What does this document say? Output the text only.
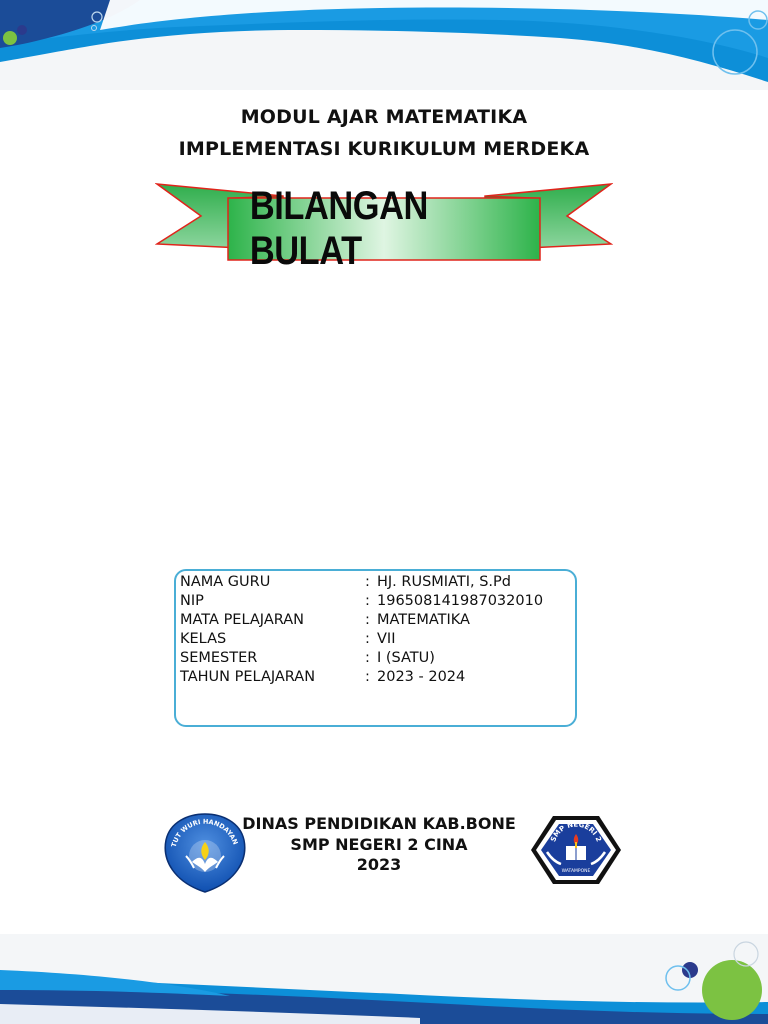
MODUL AJAR MATEMATIKA
IMPLEMENTASI KURIKULUM MERDEKA
BILANGAN BULAT
NAMA GURU	: HJ. RUSMIATI, S.Pd
NIP	: 196508141987032010
MATA PELAJARAN	: MATEMATIKA
KELAS	: VII
SEMESTER	: I (SATU)
TAHUN PELAJARAN	: 2023 - 2024
TUT WURI HANDAYAN
DINAS PENDIDIKAN KAB.BONE
SMP NEGERI 2 CINA
2023
SMP NEGERI 2
WATAMPONE
